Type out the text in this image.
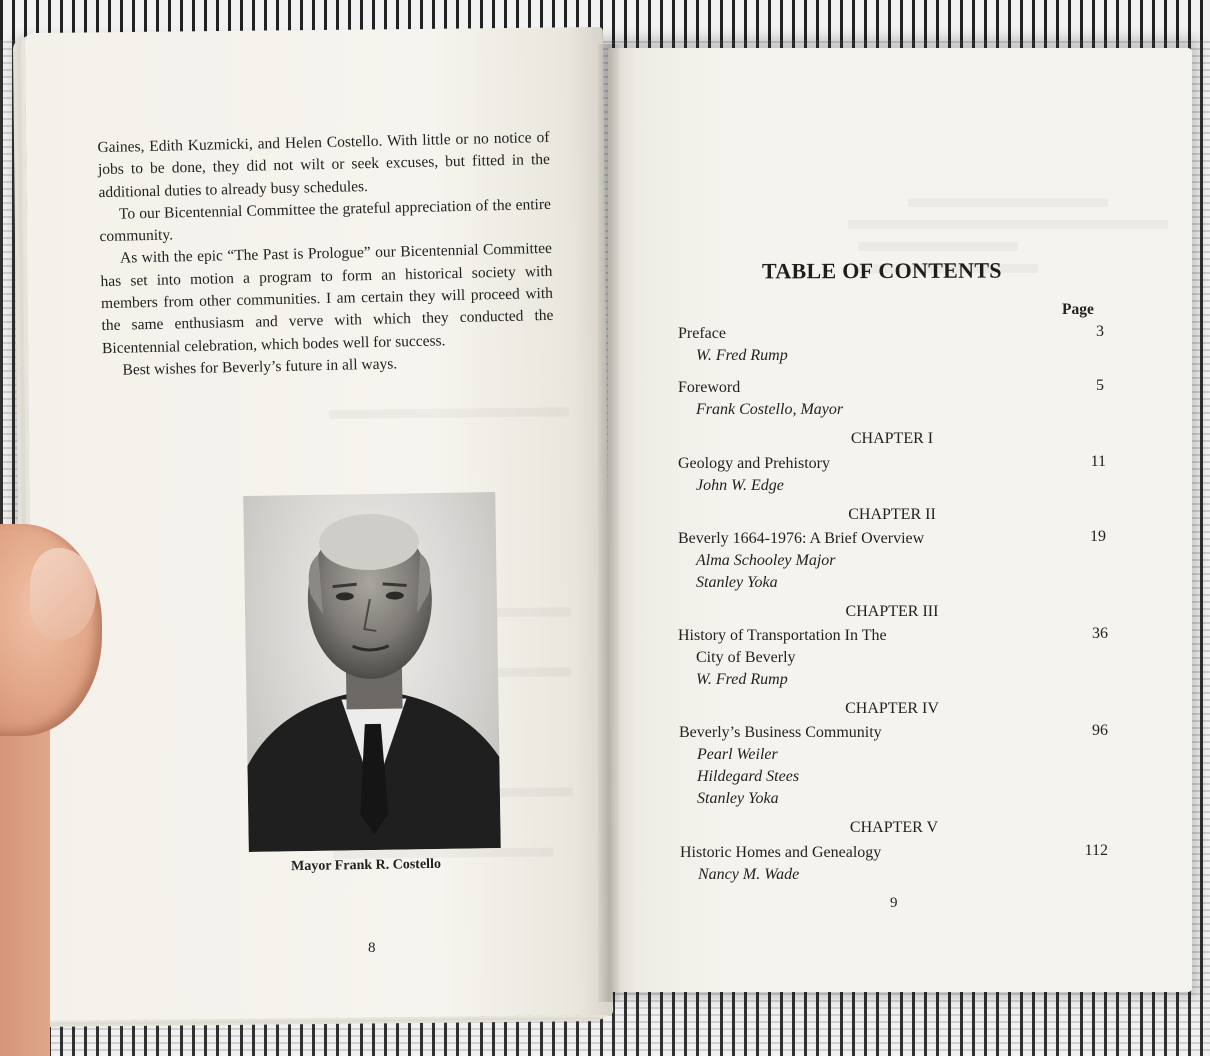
Gaines, Edith Kuzmicki, and Helen Costello. With little or no notice of jobs to be done, they did not wilt or seek excuses, but fitted in the additional duties to already busy schedules.

To our Bicentennial Committee the grateful appreciation of the entire community.

As with the epic “The Past is Prologue” our Bicentennial Committee has set into motion a program to form an historical society with members from other communities. I am certain they will proceed with the same enthusiasm and verve with which they conducted the Bicentennial celebration, which bodes well for success.

Best wishes for Beverly’s future in all ways.

Mayor Frank R. Costello
8
TABLE OF CONTENTS
Page
Preface	3
W. Fred Rump
Foreword	5
Frank Costello, Mayor
CHAPTER I
Geology and Prehistory	11
John W. Edge
CHAPTER II
Beverly 1664-1976: A Brief Overview	19
Alma Schooley Major
Stanley Yoka
CHAPTER III
History of Transportation In The	36
City of Beverly
W. Fred Rump
CHAPTER IV
Beverly’s Business Community	96
Pearl Weiler
Hildegard Stees
Stanley Yoka
CHAPTER V
Historic Homes and Genealogy	112
Nancy M. Wade
9
